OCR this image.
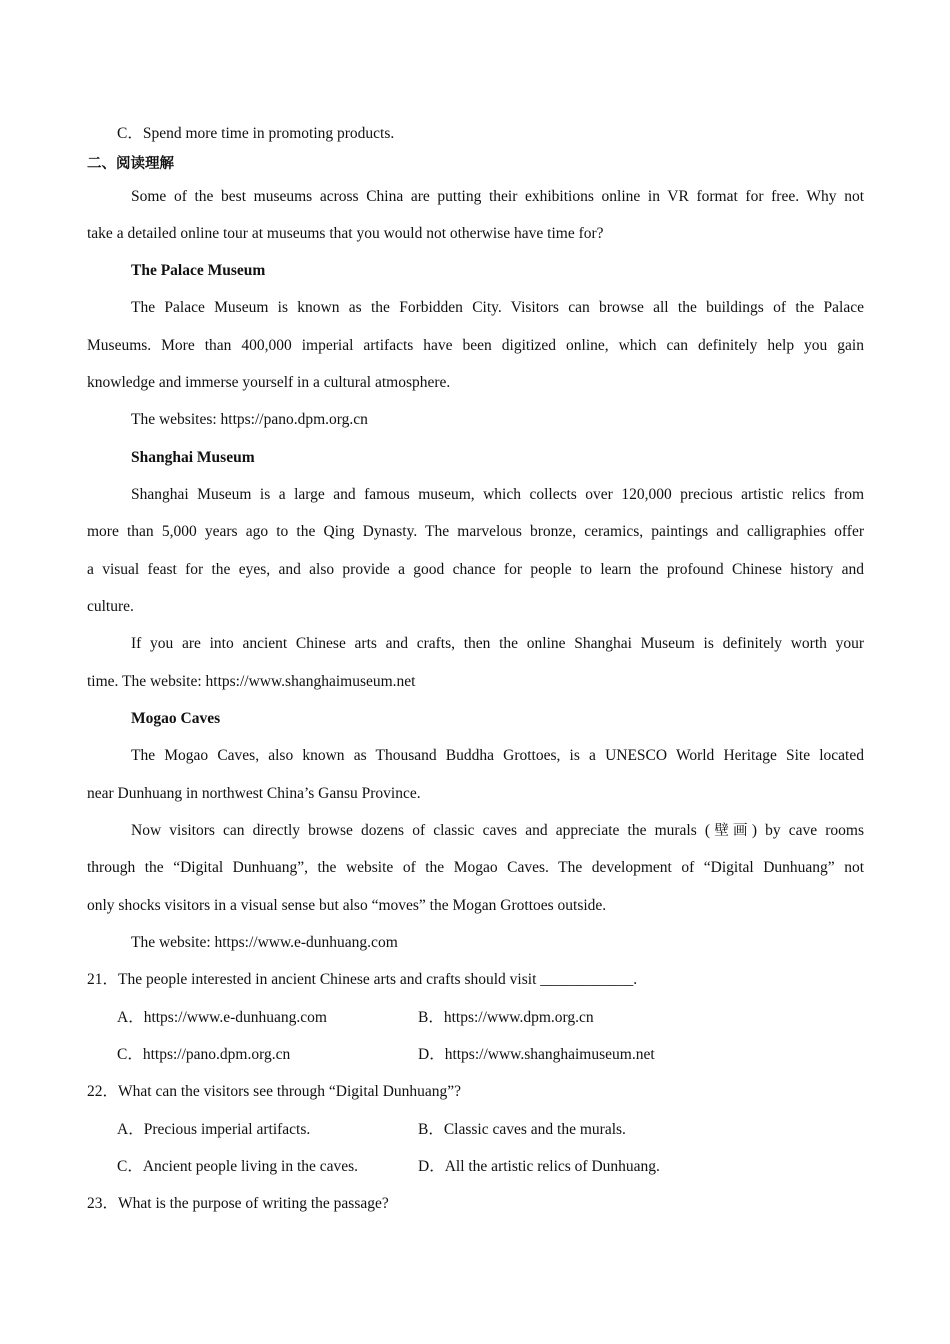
C．Spend more time in promoting products.
二、阅读理解
Some of the best museums across China are putting their exhibitions online in VR format for free. Why not
take a detailed online tour at museums that you would not otherwise have time for?
The Palace Museum
The Palace Museum is known as the Forbidden City. Visitors can browse all the buildings of the Palace
Museums. More than 400,000 imperial artifacts have been digitized online, which can definitely help you gain
knowledge and immerse yourself in a cultural atmosphere.
The websites: https://pano.dpm.org.cn
Shanghai Museum
Shanghai Museum is a large and famous museum, which collects over 120,000 precious artistic relics from
more than 5,000 years ago to the Qing Dynasty. The marvelous bronze, ceramics, paintings and calligraphies offer
a visual feast for the eyes, and also provide a good chance for people to learn the profound Chinese history and
culture.
If you are into ancient Chinese arts and crafts, then the online Shanghai Museum is definitely worth your
time. The website: https://www.shanghaimuseum.net
Mogao Caves
The Mogao Caves, also known as Thousand Buddha Grottoes, is a UNESCO World Heritage Site located
near Dunhuang in northwest China’s Gansu Province.
Now visitors can directly browse dozens of classic caves and appreciate the murals (壁画) by cave rooms
through the “Digital Dunhuang”, the website of the Mogao Caves. The development of “Digital Dunhuang” not
only shocks visitors in a visual sense but also “moves” the Mogan Grottoes outside.
The website: https://www.e-dunhuang.com
21．The people interested in ancient Chinese arts and crafts should visit ____________.
A．https://www.e-dunhuang.com	B．https://www.dpm.org.cn
C．https://pano.dpm.org.cn	D．https://www.shanghaimuseum.net
22．What can the visitors see through “Digital Dunhuang”?
A．Precious imperial artifacts.	B．Classic caves and the murals.
C．Ancient people living in the caves.	D．All the artistic relics of Dunhuang.
23．What is the purpose of writing the passage?
